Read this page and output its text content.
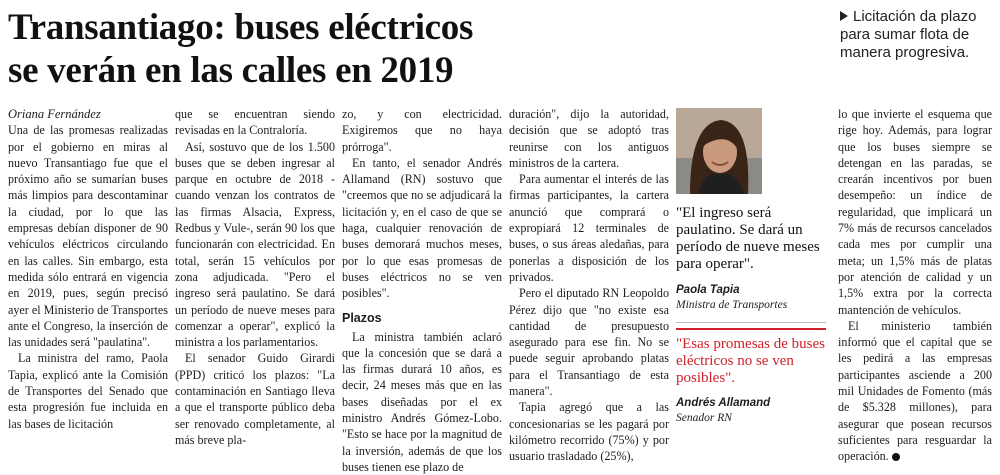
Transantiago: buses eléctricos
se verán en las calles en 2019
Licitación da plazo para sumar flota de manera progresiva.
Oriana Fernández

Una de las promesas realizadas por el gobierno en miras al nuevo Transantiago fue que el próximo año se sumarían buses más limpios para descontaminar la ciudad, por lo que las empresas debían disponer de 90 vehículos eléctricos circulando en las calles. Sin embargo, esta medida sólo entrará en vigencia en 2019, pues, según precisó ayer el Ministerio de Transportes ante el Congreso, la inserción de las unidades será "paulatina".

La ministra del ramo, Paola Tapia, explicó ante la Comisión de Transportes del Senado que esta progresión fue incluida en las bases de licitación

que se encuentran siendo revisadas en la Contraloría.

Así, sostuvo que de los 1.500 buses que se deben ingresar al parque en octubre de 2018 - cuando venzan los contratos de las firmas Alsacia, Express, Redbus y Vule-, serán 90 los que funcionarán con electricidad. En total, serán 15 vehículos por zona adjudicada. "Pero el ingreso será paulatino. Se dará un período de nueve meses para comenzar a operar", explicó la ministra a los parlamentarios.

El senador Guido Girardi (PPD) criticó los plazos: "La contaminación en Santiago lleva a que el transporte público deba ser renovado completamente, al más breve pla-

zo, y con electricidad. Exigiremos que no haya prórroga".

En tanto, el senador Andrés Allamand (RN) sostuvo que "creemos que no se adjudicará la licitación y, en el caso de que se haga, cualquier renovación de buses demorará muchos meses, por lo que esas promesas de buses eléctricos no se ven posibles".

Plazos

La ministra también aclaró que la concesión que se dará a las firmas durará 10 años, es decir, 24 meses más que en las bases diseñadas por el ex ministro Andrés Gómez-Lobo. "Esto se hace por la magnitud de la inversión, además de que los buses tienen ese plazo de

duración", dijo la autoridad, decisión que se adoptó tras reunirse con los antiguos ministros de la cartera.

Para aumentar el interés de las firmas participantes, la cartera anunció que comprará o expropiará 12 terminales de buses, o sus áreas aledañas, para ponerlas a disposición de los privados.

Pero el diputado RN Leopoldo Pérez dijo que "no existe esa cantidad de presupuesto asegurado para ese fin. No se puede seguir aprobando platas para el Transantiago de esta manera".

Tapia agregó que a las concesionarias se les pagará por kilómetro recorrido (75%) y por usuario trasladado (25%),

"El ingreso será paulatino. Se dará un período de nueve meses para operar".

Paola Tapia
Ministra de Transportes

"Esas promesas de buses eléctricos no se ven posibles".

Andrés Allamand
Senador RN

lo que invierte el esquema que rige hoy. Además, para lograr que los buses siempre se detengan en las paradas, se crearán incentivos por buen desempeño: un índice de regularidad, que implicará un 7% más de recursos cancelados cada mes por cumplir una meta; un 1,5% más de platas por atención de calidad y un 1,5% extra por la correcta mantención de vehículos.

El ministerio también informó que el capital que se les pedirá a las empresas participantes asciende a 200 mil Unidades de Fomento (más de $5.328 millones), para asegurar que posean recursos suficientes para resguardar la operación.
